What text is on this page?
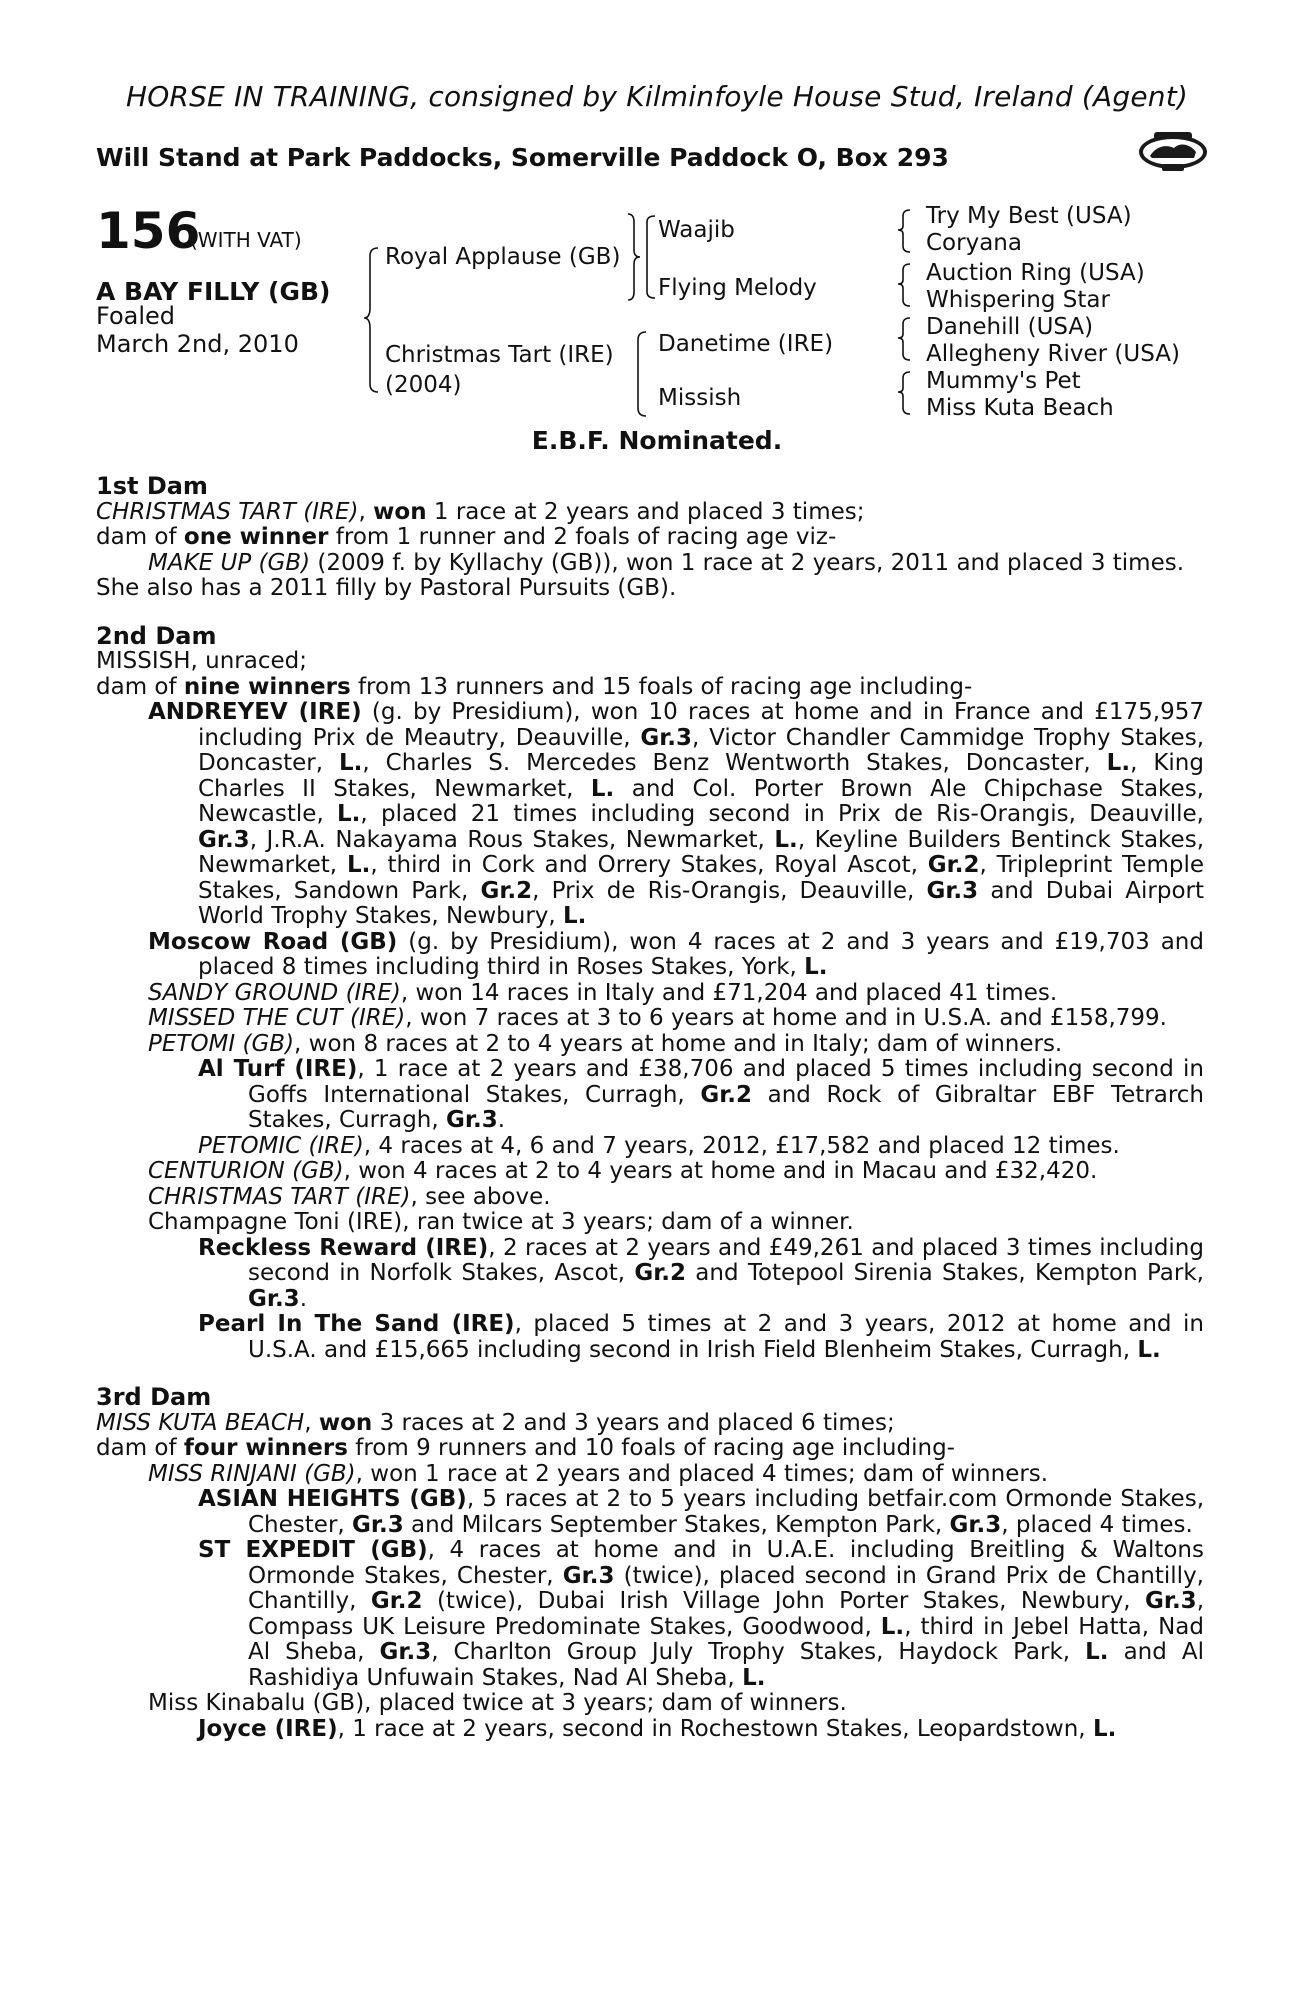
HORSE IN TRAINING, consigned by Kilminfoyle House Stud, Ireland (Agent)
Will Stand at Park Paddocks, Somerville Paddock O, Box 293
156
(WITH VAT)
A BAY FILLY (GB)
Foaled
March 2nd, 2010
Royal Applause (GB)
Christmas Tart (IRE)
(2004)
Waajib
Flying Melody
Danetime (IRE)
Missish
Try My Best (USA)
Coryana
Auction Ring (USA)
Whispering Star
Danehill (USA)
Allegheny River (USA)
Mummy's Pet
Miss Kuta Beach
E.B.F. Nominated.
1st Dam

CHRISTMAS TART (IRE), won 1 race at 2 years and placed 3 times;

dam of one winner from 1 runner and 2 foals of racing age viz-

MAKE UP (GB) (2009 f. by Kyllachy (GB)), won 1 race at 2 years, 2011 and placed 3 times.

She also has a 2011 filly by Pastoral Pursuits (GB).

2nd Dam

MISSISH, unraced;

dam of nine winners from 13 runners and 15 foals of racing age including-

ANDREYEV (IRE) (g. by Presidium), won 10 races at home and in France and £175,957 including Prix de Meautry, Deauville, Gr.3, Victor Chandler Cammidge Trophy Stakes, Doncaster, L., Charles S. Mercedes Benz Wentworth Stakes, Doncaster, L., King Charles II Stakes, Newmarket, L. and Col. Porter Brown Ale Chipchase Stakes, Newcastle, L., placed 21 times including second in Prix de Ris-Orangis, Deauville, Gr.3, J.R.A. Nakayama Rous Stakes, Newmarket, L., Keyline Builders Bentinck Stakes, Newmarket, L., third in Cork and Orrery Stakes, Royal Ascot, Gr.2, Tripleprint Temple Stakes, Sandown Park, Gr.2, Prix de Ris-Orangis, Deauville, Gr.3 and Dubai Airport World Trophy Stakes, Newbury, L.

Moscow Road (GB) (g. by Presidium), won 4 races at 2 and 3 years and £19,703 and placed 8 times including third in Roses Stakes, York, L.

SANDY GROUND (IRE), won 14 races in Italy and £71,204 and placed 41 times.

MISSED THE CUT (IRE), won 7 races at 3 to 6 years at home and in U.S.A. and £158,799.

PETOMI (GB), won 8 races at 2 to 4 years at home and in Italy; dam of winners.

Al Turf (IRE), 1 race at 2 years and £38,706 and placed 5 times including second in Goffs International Stakes, Curragh, Gr.2 and Rock of Gibraltar EBF Tetrarch Stakes, Curragh, Gr.3.

PETOMIC (IRE), 4 races at 4, 6 and 7 years, 2012, £17,582 and placed 12 times.

CENTURION (GB), won 4 races at 2 to 4 years at home and in Macau and £32,420.

CHRISTMAS TART (IRE), see above.

Champagne Toni (IRE), ran twice at 3 years; dam of a winner.

Reckless Reward (IRE), 2 races at 2 years and £49,261 and placed 3 times including second in Norfolk Stakes, Ascot, Gr.2 and Totepool Sirenia Stakes, Kempton Park, Gr.3.

Pearl In The Sand (IRE), placed 5 times at 2 and 3 years, 2012 at home and in U.S.A. and £15,665 including second in Irish Field Blenheim Stakes, Curragh, L.

3rd Dam

MISS KUTA BEACH, won 3 races at 2 and 3 years and placed 6 times;

dam of four winners from 9 runners and 10 foals of racing age including-

MISS RINJANI (GB), won 1 race at 2 years and placed 4 times; dam of winners.

ASIAN HEIGHTS (GB), 5 races at 2 to 5 years including betfair.com Ormonde Stakes, Chester, Gr.3 and Milcars September Stakes, Kempton Park, Gr.3, placed 4 times.

ST EXPEDIT (GB), 4 races at home and in U.A.E. including Breitling & Waltons Ormonde Stakes, Chester, Gr.3 (twice), placed second in Grand Prix de Chantilly, Chantilly, Gr.2 (twice), Dubai Irish Village John Porter Stakes, Newbury, Gr.3, Compass UK Leisure Predominate Stakes, Goodwood, L., third in Jebel Hatta, Nad Al Sheba, Gr.3, Charlton Group July Trophy Stakes, Haydock Park, L. and Al Rashidiya Unfuwain Stakes, Nad Al Sheba, L.

Miss Kinabalu (GB), placed twice at 3 years; dam of winners.

Joyce (IRE), 1 race at 2 years, second in Rochestown Stakes, Leopardstown, L.
